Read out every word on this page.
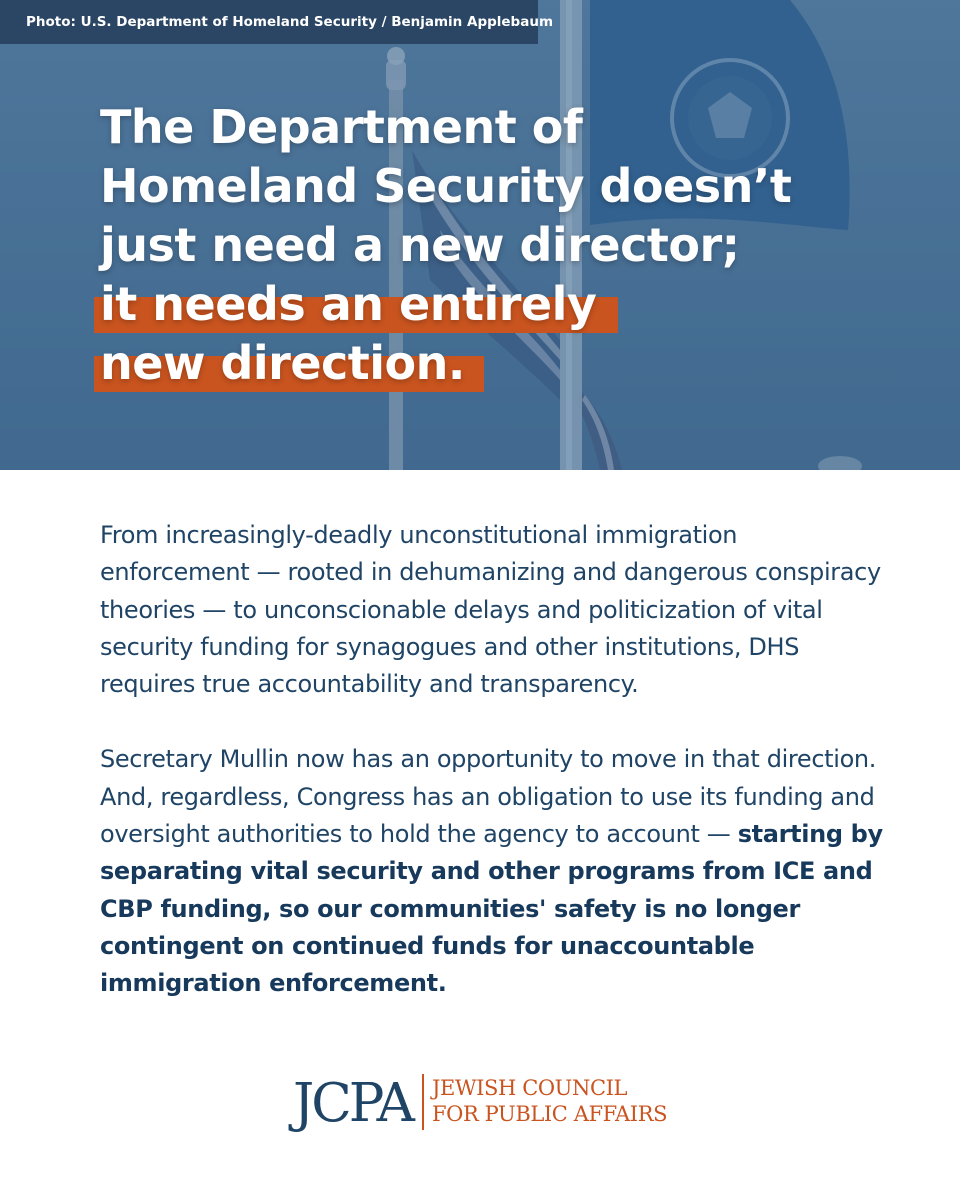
Photo: U.S. Department of Homeland Security / Benjamin Applebaum
The Department of
Homeland Security doesn’t
just need a new director;
it needs an entirely
new direction.

From increasingly-deadly unconstitutional immigration enforcement — rooted in dehumanizing and dangerous conspiracy theories — to unconscionable delays and politicization of vital security funding for synagogues and other institutions, DHS requires true accountability and transparency.

Secretary Mullin now has an opportunity to move in that direction. And, regardless, Congress has an obligation to use its funding and oversight authorities to hold the agency to account — starting by separating vital security and other programs from ICE and CBP funding, so our communities' safety is no longer contingent on continued funds for unaccountable immigration enforcement.

JCPA JEWISH COUNCIL
FOR PUBLIC AFFAIRS
